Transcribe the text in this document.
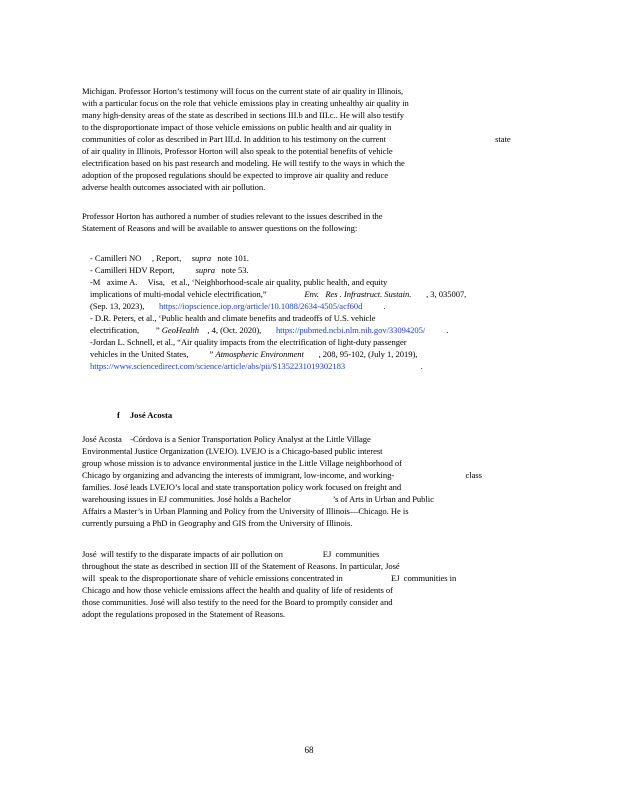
Michigan. Professor Horton’s testimony will focus on the current state of air quality in Illinois,
with a particular focus on the role that vehicle emissions play in creating unhealthy air quality in
many high-density areas of the state as described in sections III.b and III.c.. He will also testify
to the disproportionate impact of those vehicle emissions on public health and air quality in
communities of color as described in Part III.d. In addition to his testimony on the current                                                    state
of air quality in Illinois, Professor Horton will also speak to the potential benefits of vehicle
electrification based on his past research and modeling. He will testify to the ways in which the
adoption of the proposed regulations should be expected to improve air quality and reduce
adverse health outcomes associated with air pollution.
Professor Horton has authored a number of studies relevant to the issues described in the
Statement of Reasons and will be available to answer questions on the following:
- Camilleri NO , Report, supra note 101.
- Camilleri HDV Report, supra note 53.
-M   axime A. Visa, et al., ‘Neighborhood-scale air quality, public health, and equity
implications of multi-modal vehicle electrification,”	Env.   Res . Infrastruct. Sustain. , 3, 035007,
(Sep. 13, 2023), https://iopscience.iop.org/article/10.1088/2634-4505/acf60d .
- D.R. Peters, et al., ‘Public health and climate benefits and tradeoffs of U.S. vehicle
electrification, ” GeoHealth , 4, (Oct. 2020), https://pubmed.ncbi.nlm.nih.gov/33094205/ .
-Jordan L. Schnell, et al., “Air quality impacts from the electrification of light-duty passenger
vehicles in the United States, ” Atmospheric Environment , 208, 95-102, (July 1, 2019),
https://www.sciencedirect.com/science/article/abs/pii/S1352231019302183	.
f José Acosta
José Acosta    -Córdova is a Senior Transportation Policy Analyst at the Little Village
Environmental Justice Organization (LVEJO). LVEJO is a Chicago-based public interest
group whose mission is to advance environmental justice in the Little Village neighborhood of
Chicago by organizing and advancing the interests of immigrant, low-income, and working-                                  class
families. José leads LVEJO’s local and state transportation policy work focused on freight and
warehousing issues in EJ communities. José holds a Bachelor                    ’s of Arts in Urban and Public
Affairs a Master’s in Urban Planning and Policy from the University of Illinois—Chicago. He is
currently pursuing a PhD in Geography and GIS from the University of Illinois.
José  will testify to the disparate impacts of air pollution on                   EJ  communities
throughout the state as described in section III of the Statement of Reasons. In particular, José
will  speak to the disproportionate share of vehicle emissions concentrated in                       EJ  communities in
Chicago and how those vehicle emissions affect the health and quality of life of residents of
those communities. José will also testify to the need for the Board to promptly consider and
adopt the regulations proposed in the Statement of Reasons.
68
